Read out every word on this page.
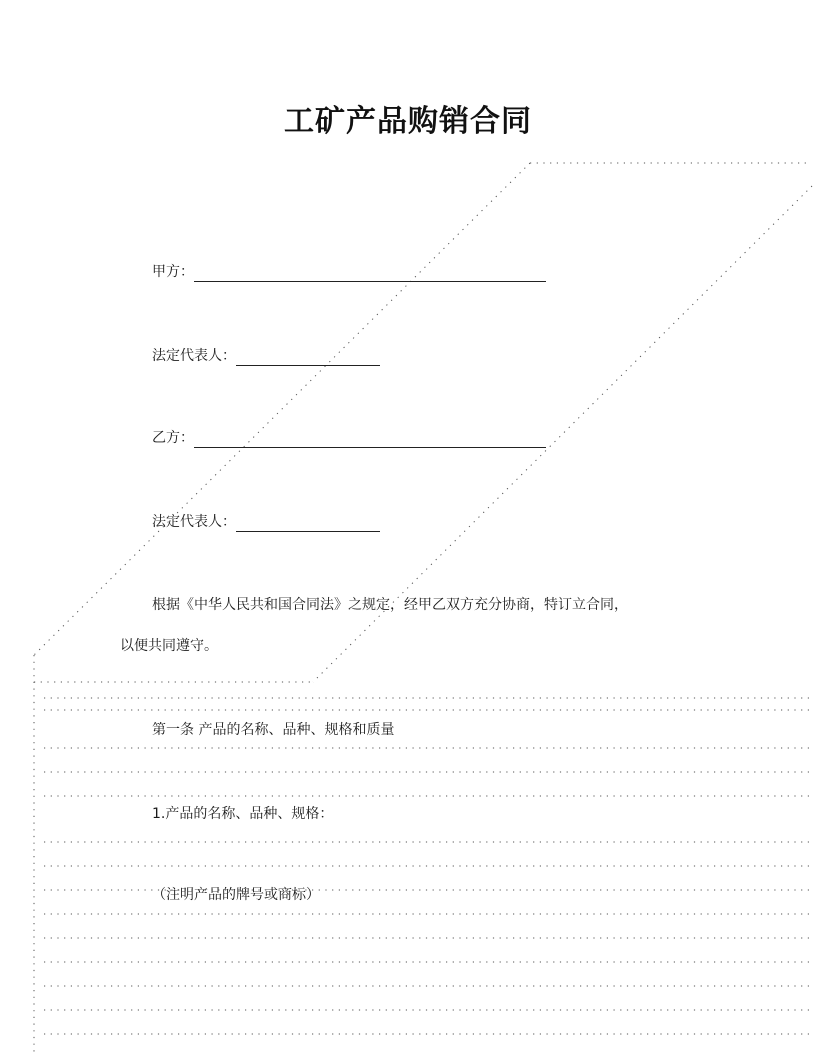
工矿产品购销合同
甲方：
法定代表人：
乙方：
法定代表人：
根据《中华人民共和国合同法》之规定，经甲乙双方充分协商，特订立合同，
以便共同遵守。
第一条 产品的名称、品种、规格和质量
1.产品的名称、品种、规格：
（注明产品的牌号或商标）
